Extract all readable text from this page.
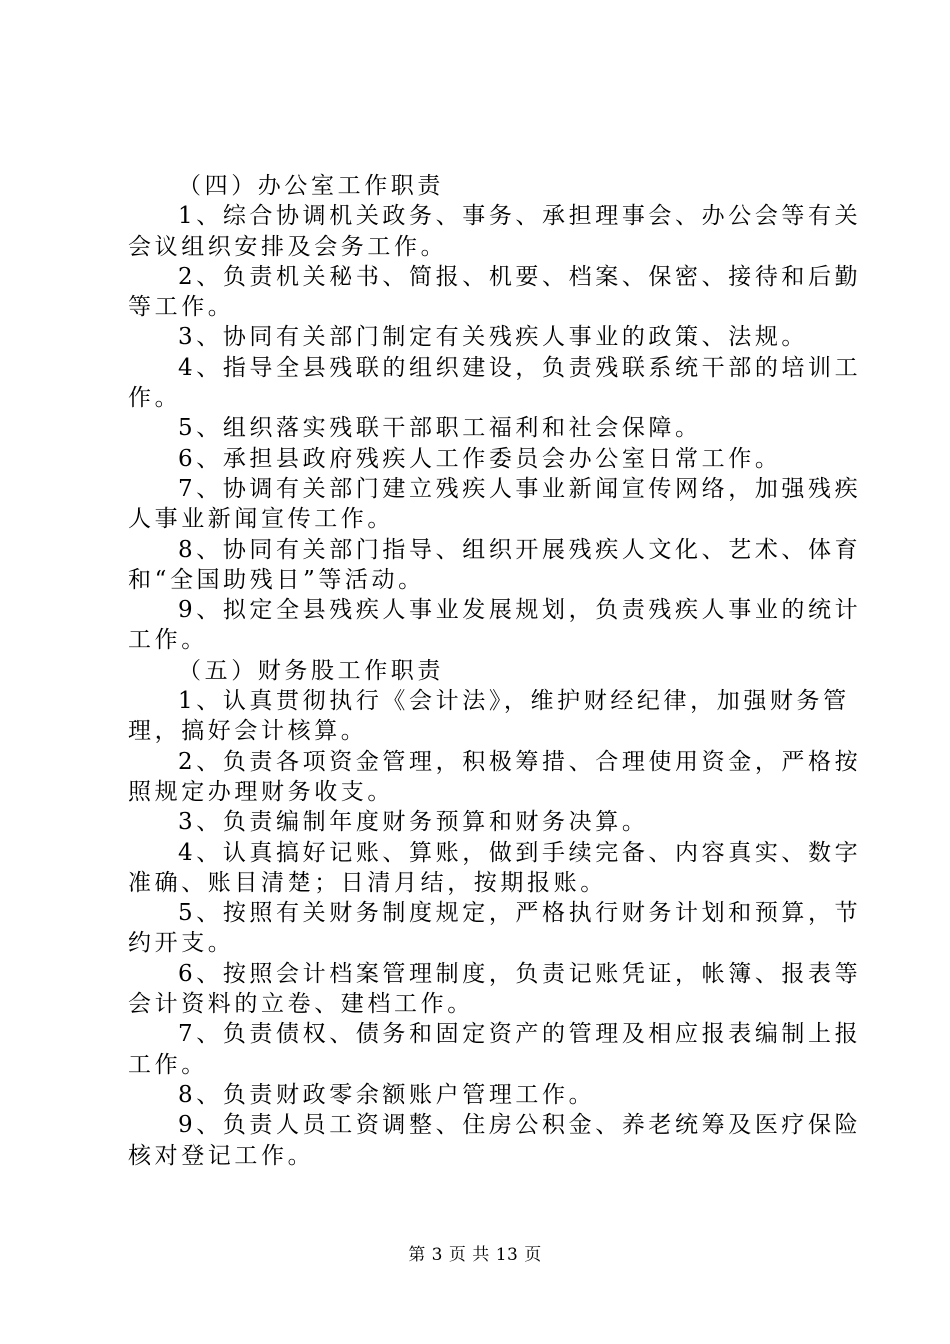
（四）办公室工作职责
1、综合协调机关政务、事务、承担理事会、办公会等有关
会议组织安排及会务工作。
2、负责机关秘书、简报、机要、档案、保密、接待和后勤
等工作。
3、协同有关部门制定有关残疾人事业的政策、法规。
4、指导全县残联的组织建设，负责残联系统干部的培训工
作。
5、组织落实残联干部职工福利和社会保障。
6、承担县政府残疾人工作委员会办公室日常工作。
7、协调有关部门建立残疾人事业新闻宣传网络，加强残疾
人事业新闻宣传工作。
8、协同有关部门指导、组织开展残疾人文化、艺术、体育
和“全国助残日”等活动。
9、拟定全县残疾人事业发展规划，负责残疾人事业的统计
工作。
（五）财务股工作职责
1、认真贯彻执行《会计法》，维护财经纪律，加强财务管
理，搞好会计核算。
2、负责各项资金管理，积极筹措、合理使用资金，严格按
照规定办理财务收支。
3、负责编制年度财务预算和财务决算。
4、认真搞好记账、算账，做到手续完备、内容真实、数字
准确、账目清楚；日清月结，按期报账。
5、按照有关财务制度规定，严格执行财务计划和预算，节
约开支。
6、按照会计档案管理制度，负责记账凭证，帐簿、报表等
会计资料的立卷、建档工作。
7、负责债权、债务和固定资产的管理及相应报表编制上报
工作。
8、负责财政零余额账户管理工作。
9、负责人员工资调整、住房公积金、养老统筹及医疗保险
核对登记工作。
第 3 页 共 13 页
